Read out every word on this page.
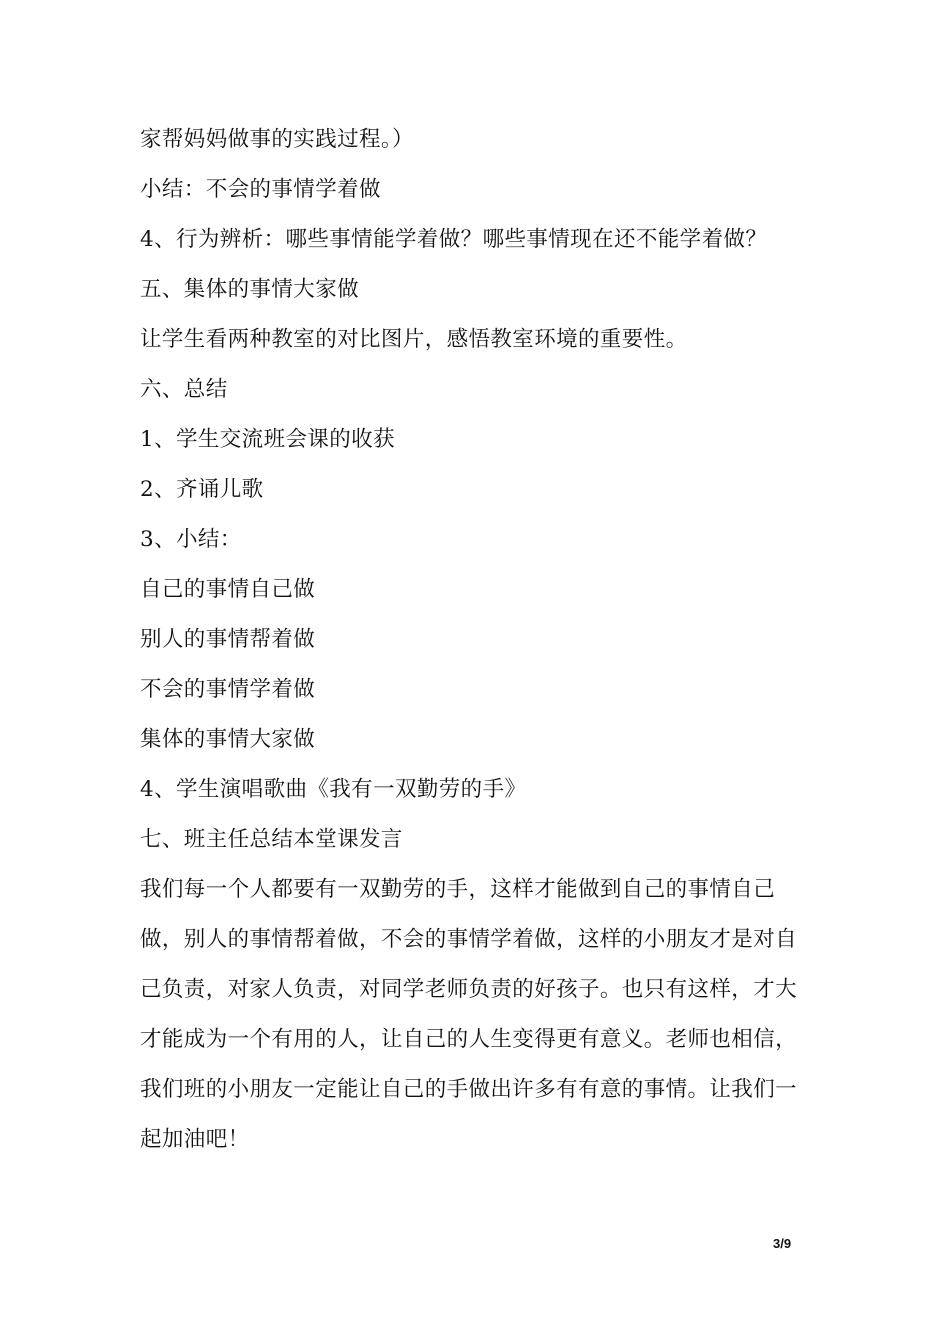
家帮妈妈做事的实践过程。）
小结：不会的事情学着做
4、行为辨析：哪些事情能学着做？哪些事情现在还不能学着做？
五、集体的事情大家做
让学生看两种教室的对比图片，感悟教室环境的重要性。
六、总结
1、学生交流班会课的收获
2、齐诵儿歌
3、小结：
自己的事情自己做
别人的事情帮着做
不会的事情学着做
集体的事情大家做
4、学生演唱歌曲《我有一双勤劳的手》
七、班主任总结本堂课发言
我们每一个人都要有一双勤劳的手，这样才能做到自己的事情自己
做，别人的事情帮着做，不会的事情学着做，这样的小朋友才是对自
己负责，对家人负责，对同学老师负责的好孩子。也只有这样，才大
才能成为一个有用的人，让自己的人生变得更有意义。老师也相信，
我们班的小朋友一定能让自己的手做出许多有有意的事情。让我们一
起加油吧！
3/9
